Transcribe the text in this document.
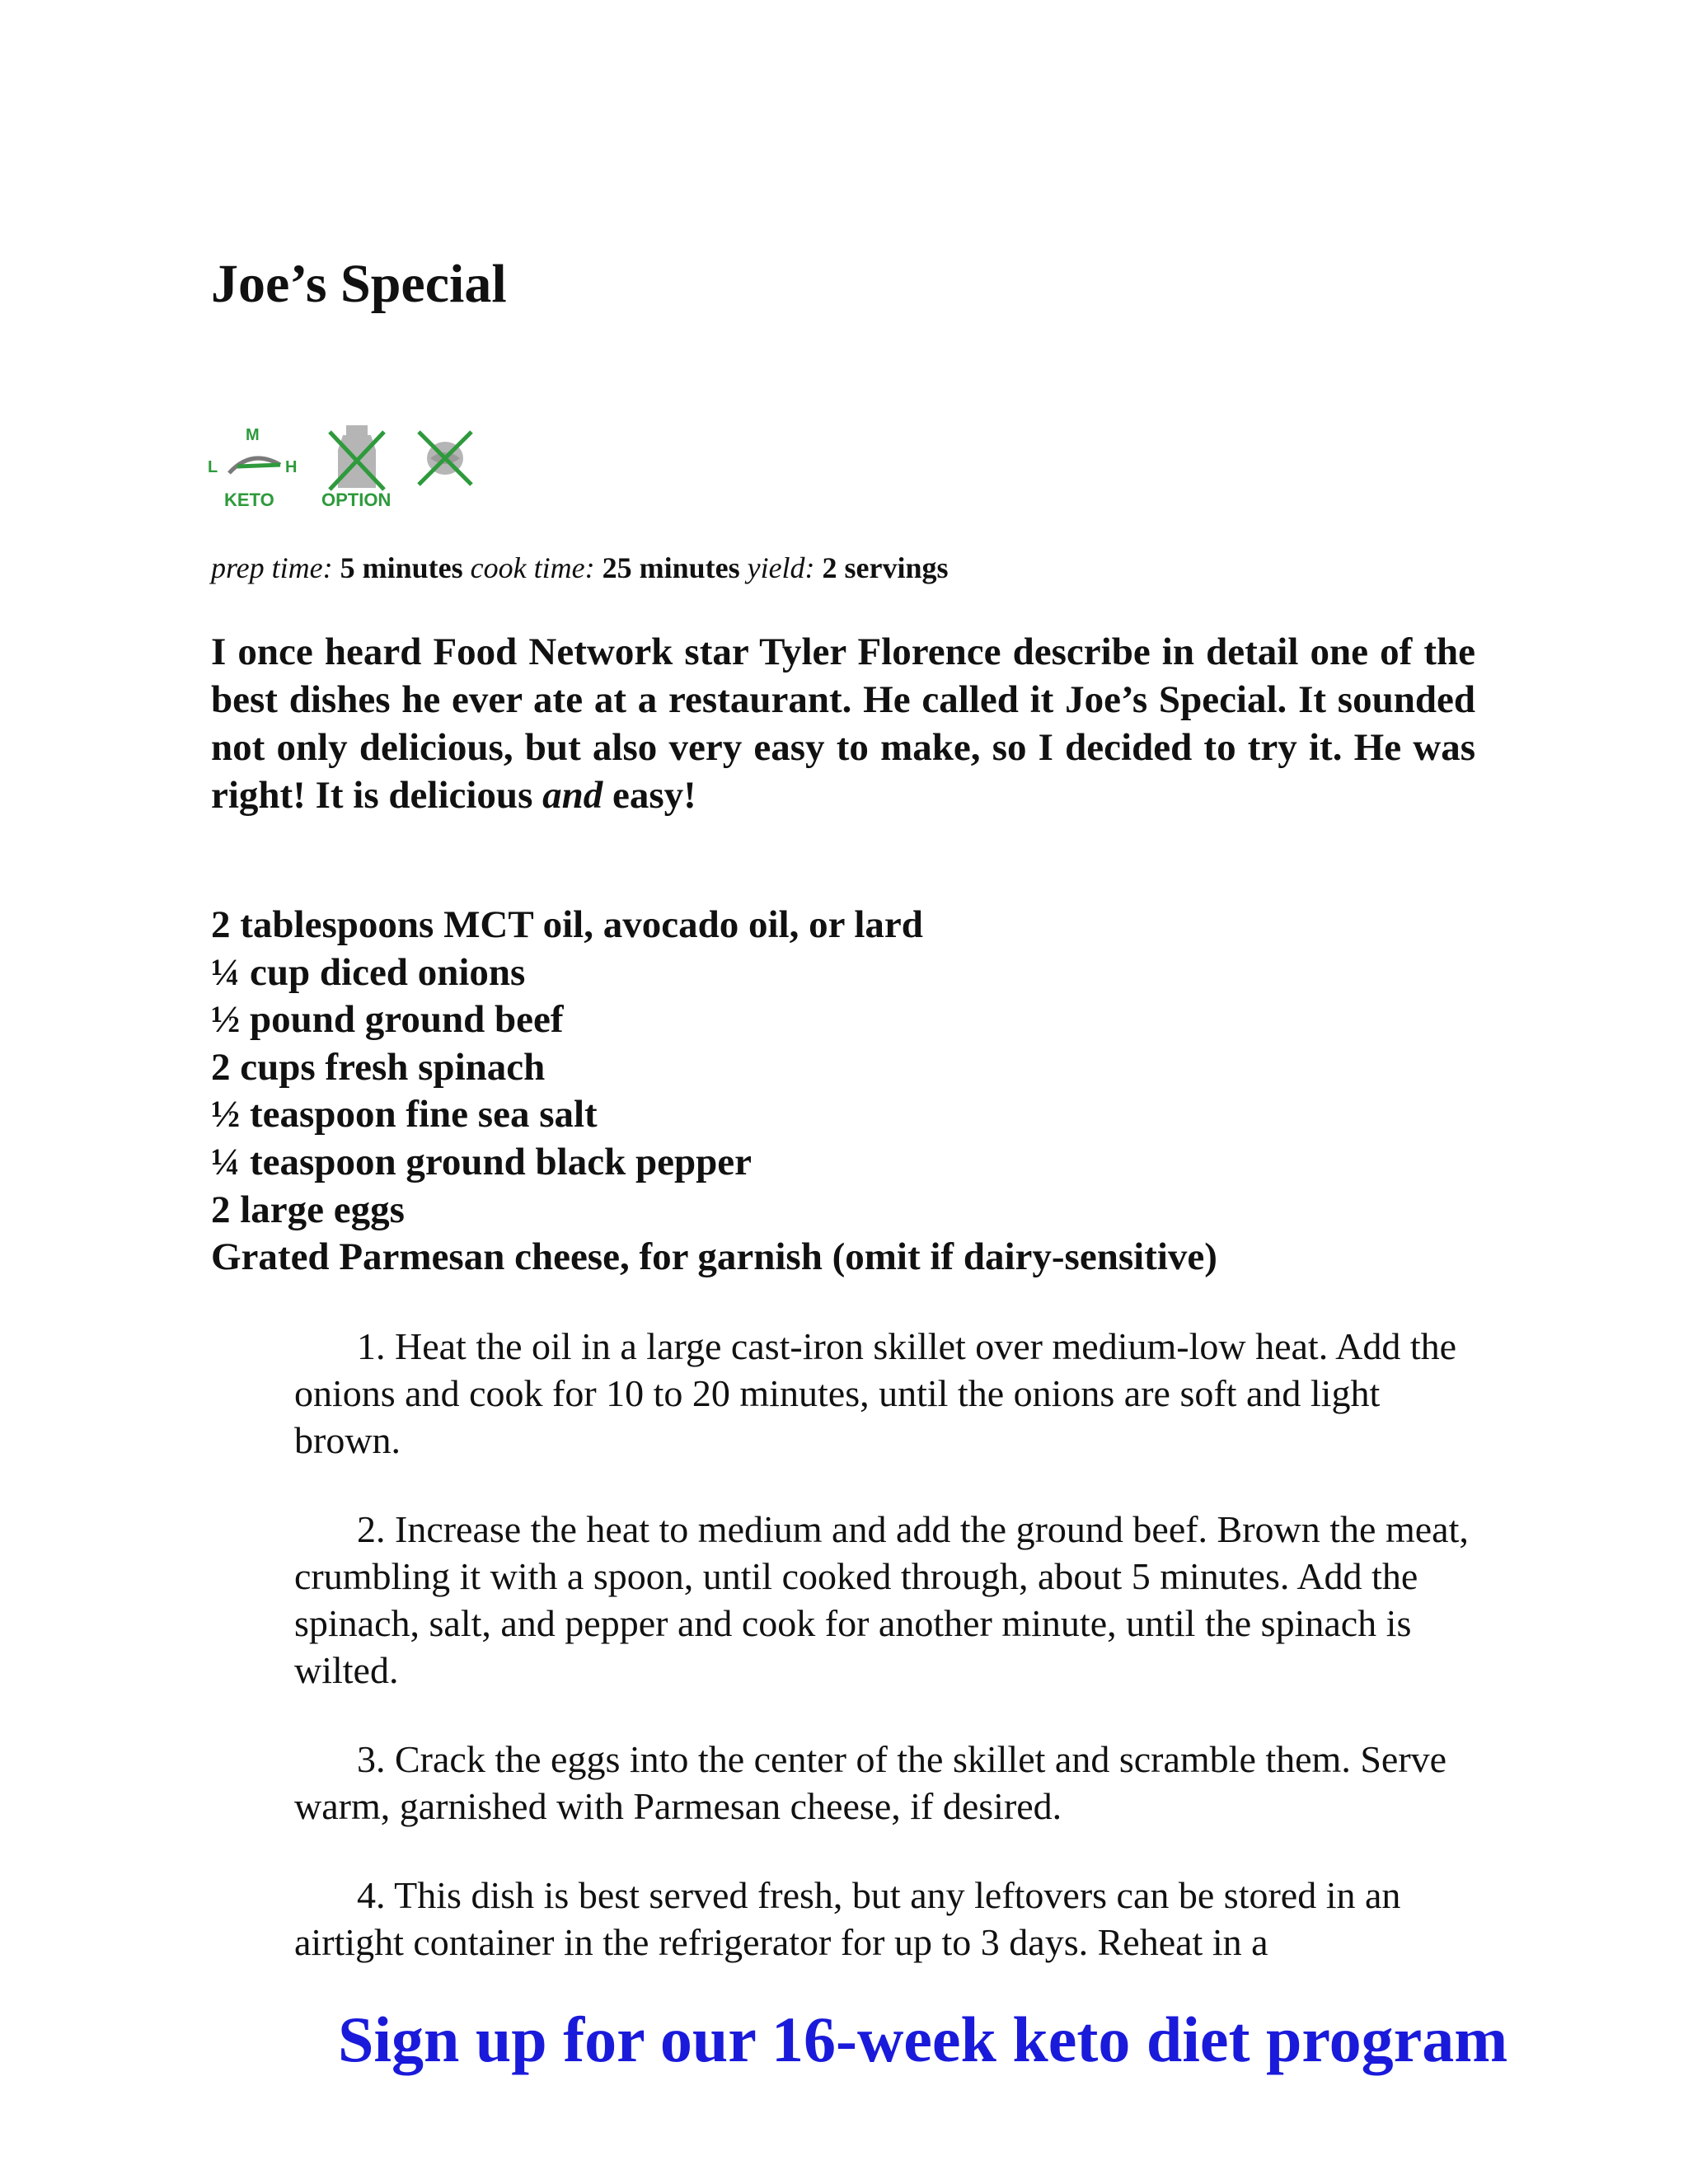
Joe’s Special
M
L	H
KETO	OPTION
prep time: 5 minutes cook time: 25 minutes yield: 2 servings

I once heard Food Network star Tyler Florence describe in detail one of the best dishes he ever ate at a restaurant. He called it Joe’s Special. It sounded not only delicious, but also very easy to make, so I decided to try it. He was right! It is delicious and easy!

2 tablespoons MCT oil, avocado oil, or lard
¼ cup diced onions
½ pound ground beef
2 cups fresh spinach
½ teaspoon fine sea salt
¼ teaspoon ground black pepper
2 large eggs
Grated Parmesan cheese, for garnish (omit if dairy-sensitive)
1. Heat the oil in a large cast-iron skillet over medium-low heat. Add the onions and cook for 10 to 20 minutes, until the onions are soft and light brown.
2. Increase the heat to medium and add the ground beef. Brown the meat, crumbling it with a spoon, until cooked through, about 5 minutes. Add the spinach, salt, and pepper and cook for another minute, until the spinach is wilted.
3. Crack the eggs into the center of the skillet and scramble them. Serve warm, garnished with Parmesan cheese, if desired.
4. This dish is best served fresh, but any leftovers can be stored in an airtight container in the refrigerator for up to 3 days. Reheat in a
Sign up for our 16-week keto diet program
